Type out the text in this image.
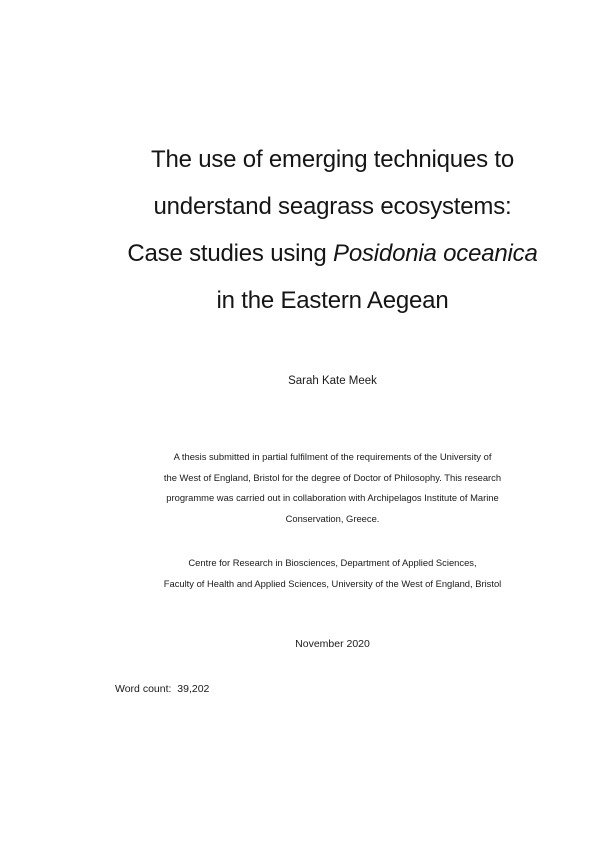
The use of emerging techniques to
understand seagrass ecosystems:
Case studies using Posidonia oceanica
in the Eastern Aegean
Sarah Kate Meek
A thesis submitted in partial fulfilment of the requirements of the University of
the West of England, Bristol for the degree of Doctor of Philosophy. This research
programme was carried out in collaboration with Archipelagos Institute of Marine
Conservation, Greece.
Centre for Research in Biosciences, Department of Applied Sciences,
Faculty of Health and Applied Sciences, University of the West of England, Bristol
November 2020
Word count: 39,202
